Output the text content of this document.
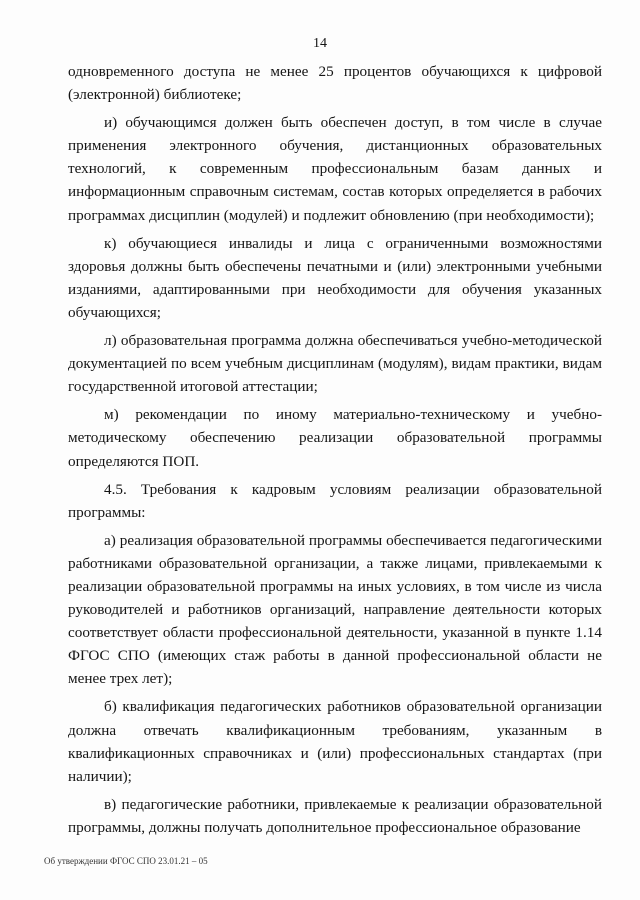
14

одновременного доступа не менее 25 процентов обучающихся к цифровой (электронной) библиотеке;

и) обучающимся должен быть обеспечен доступ, в том числе в случае применения электронного обучения, дистанционных образовательных технологий, к современным профессиональным базам данных и информационным справочным системам, состав которых определяется в рабочих программах дисциплин (модулей) и подлежит обновлению (при необходимости);

к) обучающиеся инвалиды и лица с ограниченными возможностями здоровья должны быть обеспечены печатными и (или) электронными учебными изданиями, адаптированными при необходимости для обучения указанных обучающихся;

л) образовательная программа должна обеспечиваться учебно-методической документацией по всем учебным дисциплинам (модулям), видам практики, видам государственной итоговой аттестации;

м) рекомендации по иному материально-техническому и учебно-методическому обеспечению реализации образовательной программы определяются ПОП.

4.5. Требования к кадровым условиям реализации образовательной программы:

а) реализация образовательной программы обеспечивается педагогическими работниками образовательной организации, а также лицами, привлекаемыми к реализации образовательной программы на иных условиях, в том числе из числа руководителей и работников организаций, направление деятельности которых соответствует области профессиональной деятельности, указанной в пункте 1.14 ФГОС СПО (имеющих стаж работы в данной профессиональной области не менее трех лет);

б) квалификация педагогических работников образовательной организации должна отвечать квалификационным требованиям, указанным в квалификационных справочниках и (или) профессиональных стандартах (при наличии);

в) педагогические работники, привлекаемые к реализации образовательной программы, должны получать дополнительное профессиональное образование

Об утверждении ФГОС СПО 23.01.21 – 05
